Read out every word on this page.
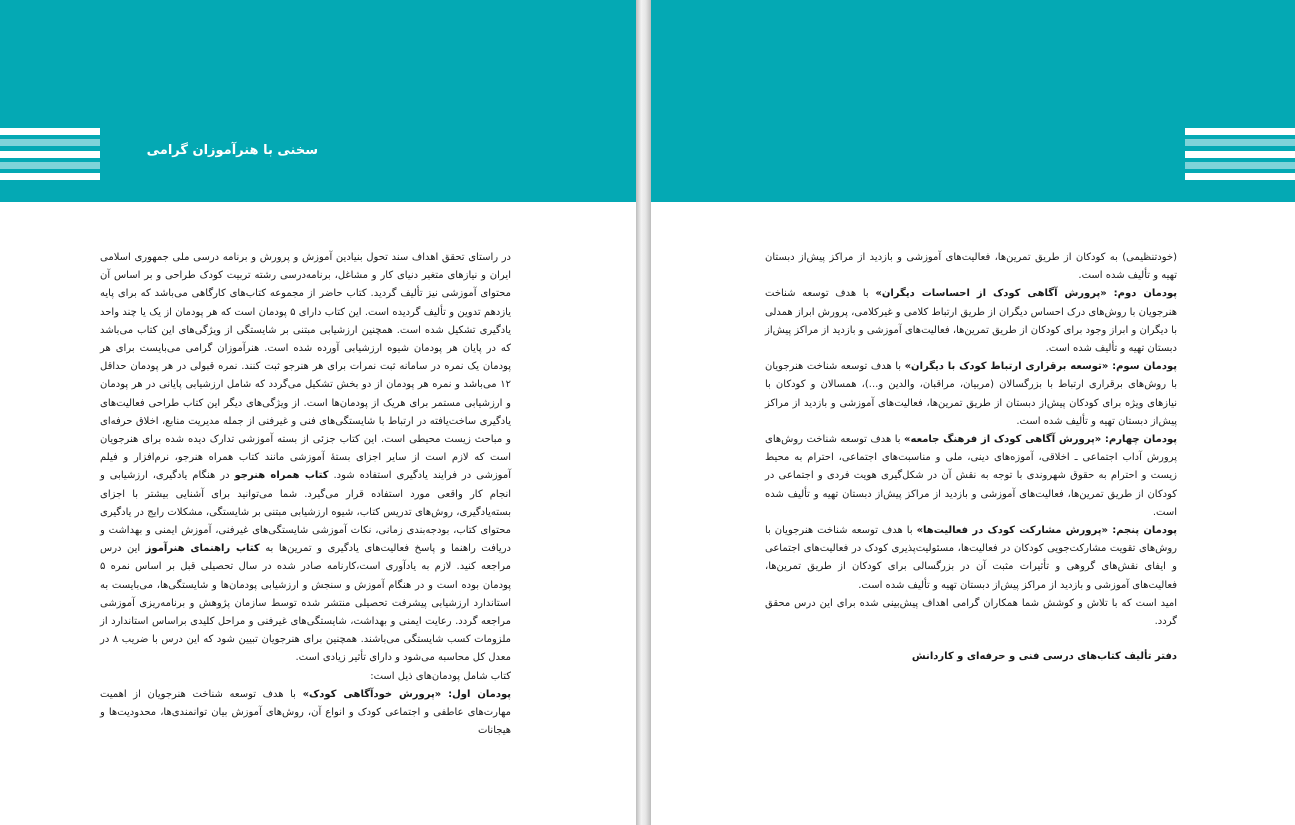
سخنی با هنرآموزان گرامی

در راستای تحقق اهداف سند تحول بنیادین آموزش و پرورش و برنامه درسی ملی جمهوری اسلامی ایران و نیازهای متغیر دنیای کار و مشاغل، برنامه‌درسی رشته تربیت کودک طراحی و بر اساس آن محتوای آموزشی نیز تألیف گردید. کتاب حاضر از مجموعه کتاب‌های کارگاهی می‌باشد که برای پایه یازدهم تدوین و تألیف گردیده است. این کتاب دارای ۵ پودمان است که هر پودمان از یک یا چند واحد یادگیری تشکیل شده است. همچنین ارزشیابی مبتنی بر شایستگی از ویژگی‌های این کتاب می‌باشد که در پایان هر پودمان شیوه ارزشیابی آورده شده است. هنرآموزان گرامی می‌بایست برای هر پودمان یک نمره در سامانه ثبت نمرات برای هر هنرجو ثبت کنند. نمره قبولی در هر پودمان حداقل ۱۲ می‌باشد و نمره هر پودمان از دو بخش تشکیل می‌گردد که شامل ارزشیابی پایانی در هر پودمان و ارزشیابی مستمر برای هریک از پودمان‌ها است. از ویژگی‌های دیگر این کتاب طراحی فعالیت‌های یادگیری ساخت‌یافته در ارتباط با شایستگی‌های فنی و غیرفنی از جمله مدیریت منابع، اخلاق حرفه‌ای و مباحث زیست محیطی است. این کتاب جزئی از بسته آموزشی تدارک دیده شده برای هنرجویان است که لازم است از سایر اجزای بستهٔ آموزشی مانند کتاب همراه هنرجو، نرم‌افزار و فیلم آموزشی در فرایند یادگیری استفاده شود. کتاب همراه هنرجو در هنگام یادگیری، ارزشیابی و انجام کار واقعی مورد استفاده قرار می‌گیرد. شما می‌توانید برای آشنایی بیشتر با اجزای بسته‌یادگیری، روش‌های تدریس کتاب، شیوه ارزشیابی مبتنی بر شایستگی، مشکلات رایج در یادگیری محتوای کتاب، بودجه‌بندی زمانی، نکات آموزشی شایستگی‌های غیرفنی، آموزش ایمنی و بهداشت و دریافت راهنما و پاسخ فعالیت‌های یادگیری و تمرین‌ها به کتاب راهنمای هنرآموز این درس مراجعه کنید. لازم به یادآوری است،کارنامه صادر شده در سال تحصیلی قبل بر اساس نمره ۵ پودمان بوده است و در هنگام آموزش و سنجش و ارزشیابی پودمان‌ها و شایستگی‌ها، می‌بایست به استاندارد ارزشیابی پیشرفت تحصیلی منتشر شده توسط سازمان پژوهش و برنامه‌ریزی آموزشی مراجعه گردد. رعایت ایمنی و بهداشت، شایستگی‌های غیرفنی و مراحل کلیدی براساس استاندارد از ملزومات کسب شایستگی می‌باشند. همچنین برای هنرجویان تبیین شود که این درس با ضریب ۸ در معدل کل محاسبه می‌شود و دارای تأثیر زیادی است.

کتاب شامل پودمان‌های ذیل است:

پودمان اول: «پرورش خودآگاهی کودک» با هدف توسعه شناخت هنرجویان از اهمیت مهارت‌های عاطفی و اجتماعی کودک و انواع آن، روش‌های آموزش بیان توانمندی‌ها، محدودیت‌ها و هیجانات

(خودتنظیمی) به کودکان از طریق تمرین‌ها، فعالیت‌های آموزشی و بازدید از مراکز پیش‌از دبستان تهیه و تألیف شده است.

پودمان دوم: «پرورش آگاهی کودک از احساسات دیگران» با هدف توسعه شناخت هنرجویان با روش‌های درک احساس دیگران از طریق ارتباط کلامی و غیرکلامی، پرورش ابراز همدلی با دیگران و ابراز وجود برای کودکان از طریق تمرین‌ها، فعالیت‌های آموزشی و بازدید از مراکز پیش‌از دبستان تهیه و تألیف شده است.

پودمان سوم: «توسعه برقراری ارتباط کودک با دیگران» با هدف توسعه شناخت هنرجویان با روش‌های برقراری ارتباط با بزرگسالان (مربیان، مراقبان، والدین و...)، همسالان و کودکان با نیازهای ویژه برای کودکان پیش‌از دبستان از طریق تمرین‌ها، فعالیت‌های آموزشی و بازدید از مراکز پیش‌از دبستان تهیه و تألیف شده است.

پودمان چهارم: «پرورش آگاهی کودک از فرهنگ جامعه» با هدف توسعه شناخت روش‌های پرورش آداب اجتماعی ـ اخلاقی، آموزه‌های دینی، ملی و مناسبت‌های اجتماعی، احترام به محیط زیست و احترام به حقوق شهروندی با توجه به نقش آن در شکل‌گیری هویت فردی و اجتماعی در کودکان از طریق تمرین‌ها، فعالیت‌های آموزشی و بازدید از مراکز پیش‌از دبستان تهیه و تألیف شده است.

پودمان پنجم: «پرورش مشارکت کودک در فعالیت‌ها» با هدف توسعه شناخت هنرجویان با روش‌های تقویت مشارکت‌جویی کودکان در فعالیت‌ها، مسئولیت‌پذیری کودک در فعالیت‌های اجتماعی و ایفای نقش‌های گروهی و تأثیرات مثبت آن در بزرگسالی برای کودکان از طریق تمرین‌ها، فعالیت‌های آموزشی و بازدید از مراکز پیش‌از دبستان تهیه و تألیف شده است.

امید است که با تلاش و کوشش شما همکاران گرامی اهداف پیش‌بینی شده برای این درس محقق گردد.

دفتر تألیف کتاب‌های درسی فنی و حرفه‌ای و کاردانش
